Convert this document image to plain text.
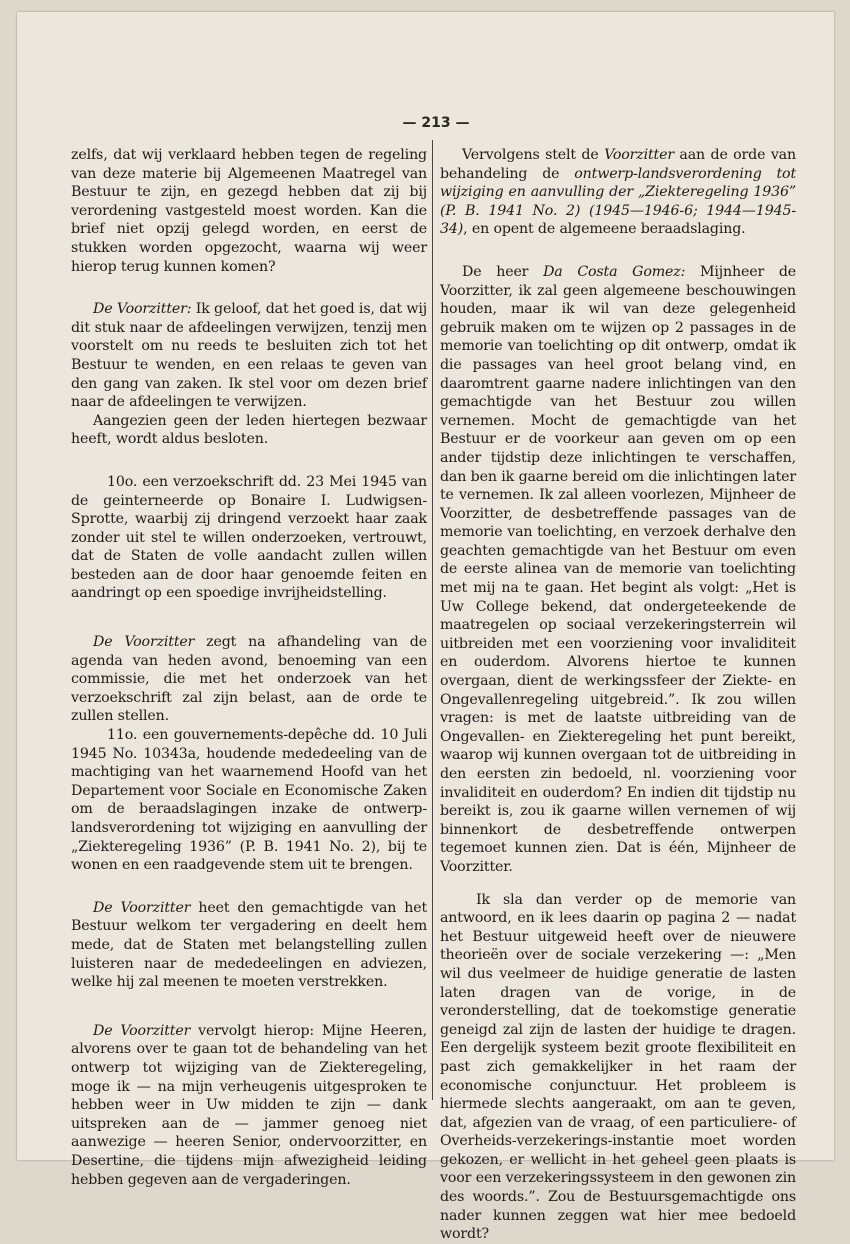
— 213 —

zelfs, dat wij verklaard hebben tegen de regeling van deze materie bij Algemeenen Maatregel van Bestuur te zijn, en gezegd hebben dat zij bij verordening vastgesteld moest worden. Kan die brief niet opzij gelegd worden, en eerst de stukken worden opgezocht, waarna wij weer hierop terug kunnen komen?

De Voorzitter: Ik geloof, dat het goed is, dat wij dit stuk naar de afdeelingen verwijzen, tenzij men voorstelt om nu reeds te besluiten zich tot het Bestuur te wenden, en een relaas te geven van den gang van zaken. Ik stel voor om dezen brief naar de afdeelingen te verwijzen.

Aangezien geen der leden hiertegen bezwaar heeft, wordt aldus besloten.

10o. een verzoekschrift dd. 23 Mei 1945 van de geinterneerde op Bonaire I. Ludwigsen-Sprotte, waarbij zij dringend verzoekt haar zaak zonder uit stel te willen onderzoeken, vertrouwt, dat de Staten de volle aandacht zullen willen besteden aan de door haar genoemde feiten en aandringt op een spoedige invrijheidstelling.

De Voorzitter zegt na afhandeling van de agenda van heden avond, benoeming van een commissie, die met het onderzoek van het verzoekschrift zal zijn belast, aan de orde te zullen stellen.

11o. een gouvernements-depêche dd. 10 Juli 1945 No. 10343a, houdende mededeeling van de machtiging van het waarnemend Hoofd van het Departement voor Sociale en Economische Zaken om de beraadslagingen inzake de ontwerp-landsverordening tot wijziging en aanvulling der „Ziekteregeling 1936” (P. B. 1941 No. 2), bij te wonen en een raadgevende stem uit te brengen.

De Voorzitter heet den gemachtigde van het Bestuur welkom ter vergadering en deelt hem mede, dat de Staten met belangstelling zullen luisteren naar de mededeelingen en adviezen, welke hij zal meenen te moeten verstrekken.

De Voorzitter vervolgt hierop: Mijne Heeren, alvorens over te gaan tot de behandeling van het ontwerp tot wijziging van de Ziekteregeling, moge ik — na mijn verheugenis uitgesproken te hebben weer in Uw midden te zijn — dank uitspreken aan de — jammer genoeg niet aanwezige — heeren Senior, ondervoorzitter, en Desertine, die tijdens mijn afwezigheid leiding hebben gegeven aan de vergaderingen.

Vervolgens stelt de Voorzitter aan de orde van behandeling de ontwerp-landsverordening tot wijziging en aanvulling der „Ziekteregeling 1936” (P. B. 1941 No. 2) (1945—1946-6; 1944—1945-34), en opent de algemeene beraadslaging.

De heer Da Costa Gomez: Mijnheer de Voorzitter, ik zal geen algemeene beschouwingen houden, maar ik wil van deze gelegenheid gebruik maken om te wijzen op 2 passages in de memorie van toelichting op dit ontwerp, omdat ik die passages van heel groot belang vind, en daaromtrent gaarne nadere inlichtingen van den gemachtigde van het Bestuur zou willen vernemen. Mocht de gemachtigde van het Bestuur er de voorkeur aan geven om op een ander tijdstip deze inlichtingen te verschaffen, dan ben ik gaarne bereid om die inlichtingen later te vernemen. Ik zal alleen voorlezen, Mijnheer de Voorzitter, de desbetreffende passages van de memorie van toelichting, en verzoek derhalve den geachten gemachtigde van het Bestuur om even de eerste alinea van de memorie van toelichting met mij na te gaan. Het begint als volgt: „Het is Uw College bekend, dat ondergeteekende de maatregelen op sociaal verzekeringsterrein wil uitbreiden met een voorziening voor invaliditeit en ouderdom. Alvorens hiertoe te kunnen overgaan, dient de werkingssfeer der Ziekte- en Ongevallenregeling uitgebreid.”. Ik zou willen vragen: is met de laatste uitbreiding van de Ongevallen- en Ziekteregeling het punt bereikt, waarop wij kunnen overgaan tot de uitbreiding in den eersten zin bedoeld, nl. voorziening voor invaliditeit en ouderdom? En indien dit tijdstip nu bereikt is, zou ik gaarne willen vernemen of wij binnenkort de desbetreffende ontwerpen tegemoet kunnen zien. Dat is één, Mijnheer de Voorzitter.

Ik sla dan verder op de memorie van antwoord, en ik lees daarin op pagina 2 — nadat het Bestuur uitgeweid heeft over de nieuwere theorieën over de sociale verzekering —: „Men wil dus veelmeer de huidige generatie de lasten laten dragen van de vorige, in de veronderstelling, dat de toekomstige generatie geneigd zal zijn de lasten der huidige te dragen. Een dergelijk systeem bezit groote flexibiliteit en past zich gemakkelijker in het raam der economische conjunctuur. Het probleem is hiermede slechts aangeraakt, om aan te geven, dat, afgezien van de vraag, of een particuliere- of Overheids-verzekerings-instantie moet worden gekozen, er wellicht in het geheel geen plaats is voor een verzekeringssysteem in den gewonen zin des woords.”. Zou de Bestuursgemachtigde ons nader kunnen zeggen wat hier mee bedoeld wordt?
